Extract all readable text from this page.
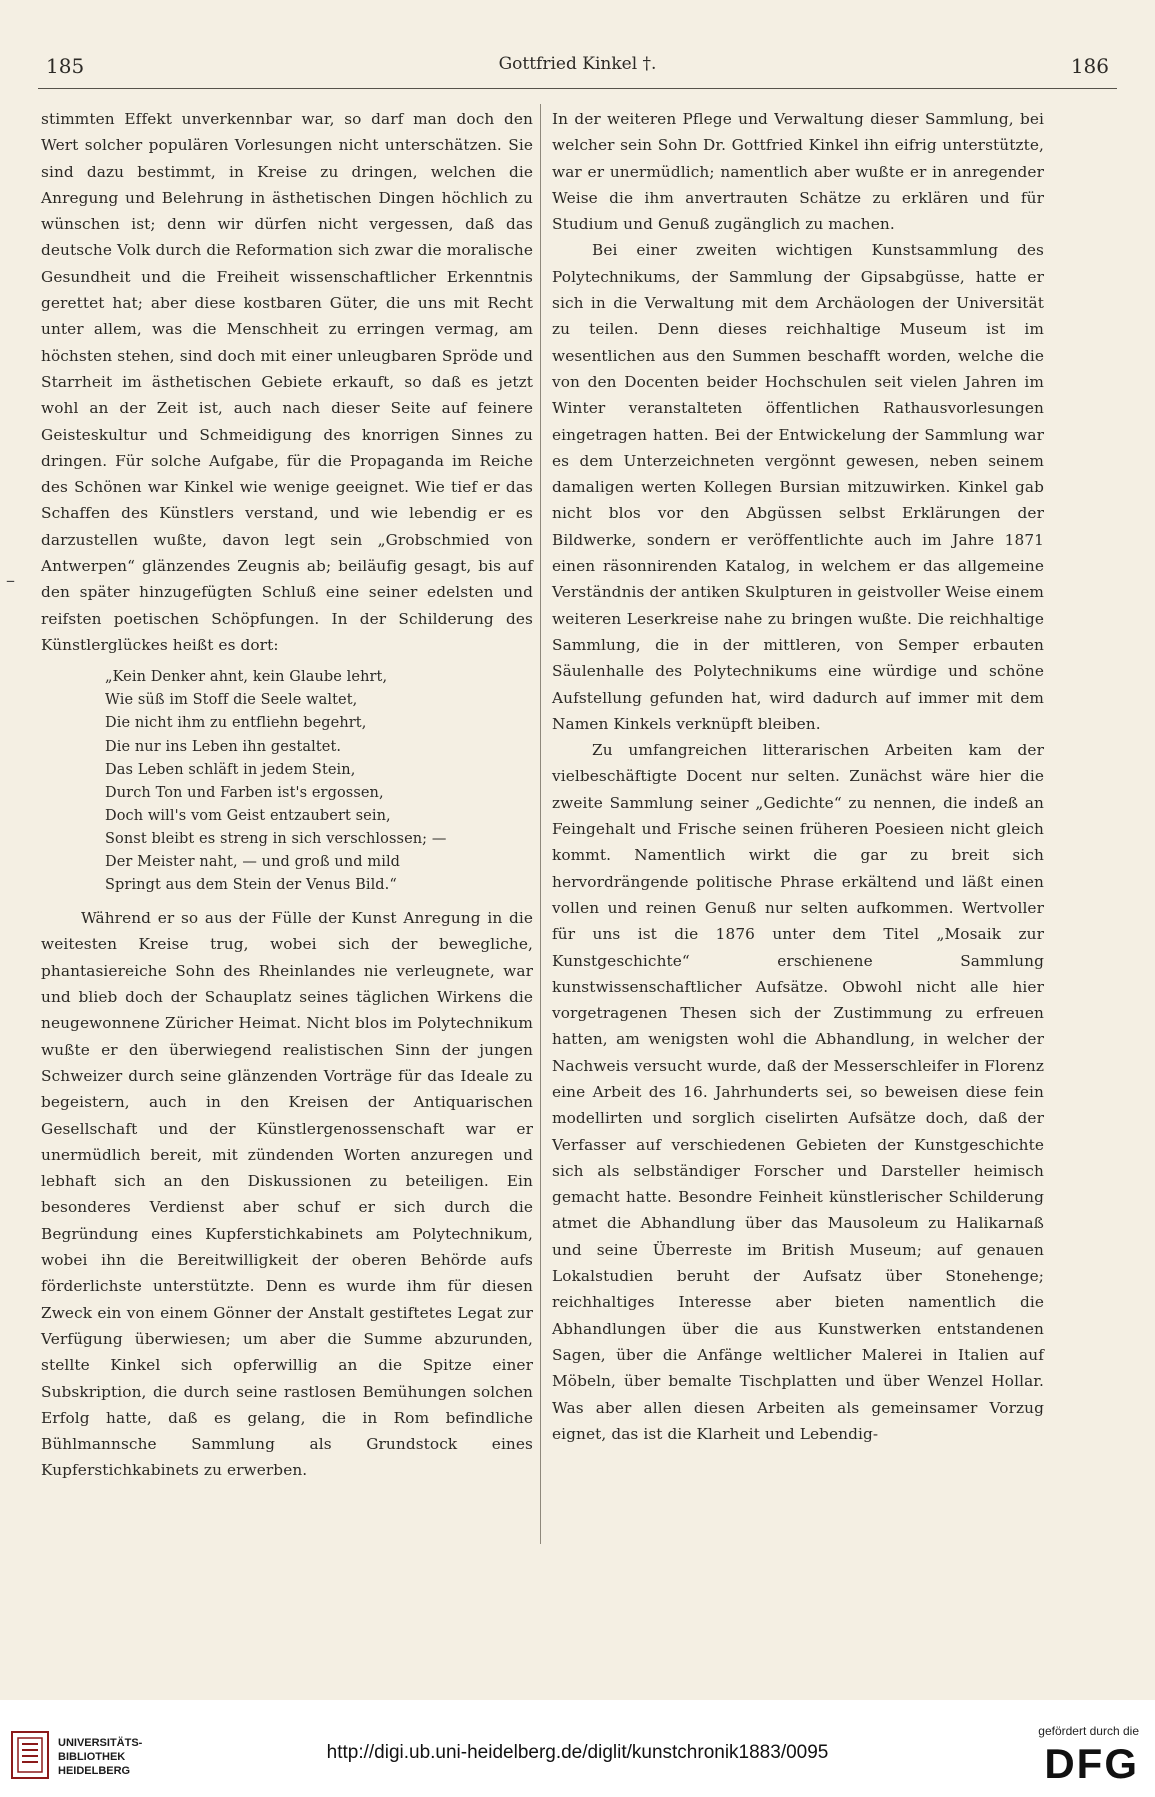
185	Gottfried Kinkel †.	186
–

stimmten Effekt unverkennbar war, so darf man doch den Wert solcher populären Vorlesungen nicht unterschätzen. Sie sind dazu bestimmt, in Kreise zu dringen, welchen die Anregung und Belehrung in ästhetischen Dingen höchlich zu wünschen ist; denn wir dürfen nicht vergessen, daß das deutsche Volk durch die Reformation sich zwar die moralische Gesundheit und die Freiheit wissenschaftlicher Erkenntnis gerettet hat; aber diese kostbaren Güter, die uns mit Recht unter allem, was die Menschheit zu erringen vermag, am höchsten stehen, sind doch mit einer unleugbaren Spröde und Starrheit im ästhetischen Gebiete erkauft, so daß es jetzt wohl an der Zeit ist, auch nach dieser Seite auf feinere Geisteskultur und Schmeidigung des knorrigen Sinnes zu dringen. Für solche Aufgabe, für die Propaganda im Reiche des Schönen war Kinkel wie wenige geeignet. Wie tief er das Schaffen des Künstlers verstand, und wie lebendig er es darzustellen wußte, davon legt sein „Grobschmied von Antwerpen“ glänzendes Zeugnis ab; beiläufig gesagt, bis auf den später hinzugefügten Schluß eine seiner edelsten und reifsten poetischen Schöpfungen. In der Schilderung des Künstlerglückes heißt es dort:

„Kein Denker ahnt, kein Glaube lehrt,
Wie süß im Stoff die Seele waltet,
Die nicht ihm zu entfliehn begehrt,
Die nur ins Leben ihn gestaltet.
Das Leben schläft in jedem Stein,
Durch Ton und Farben ist's ergossen,
Doch will's vom Geist entzaubert sein,
Sonst bleibt es streng in sich verschlossen; —
Der Meister naht, — und groß und mild
Springt aus dem Stein der Venus Bild.“

Während er so aus der Fülle der Kunst Anregung in die weitesten Kreise trug, wobei sich der bewegliche, phantasiereiche Sohn des Rheinlandes nie verleugnete, war und blieb doch der Schauplatz seines täglichen Wirkens die neugewonnene Züricher Heimat. Nicht blos im Polytechnikum wußte er den überwiegend realistischen Sinn der jungen Schweizer durch seine glänzenden Vorträge für das Ideale zu begeistern, auch in den Kreisen der Antiquarischen Gesellschaft und der Künstlergenossenschaft war er unermüdlich bereit, mit zündenden Worten anzuregen und lebhaft sich an den Diskussionen zu beteiligen. Ein besonderes Verdienst aber schuf er sich durch die Begründung eines Kupferstichkabinets am Polytechnikum, wobei ihn die Bereitwilligkeit der oberen Behörde aufs förderlichste unterstützte. Denn es wurde ihm für diesen Zweck ein von einem Gönner der Anstalt gestiftetes Legat zur Verfügung überwiesen; um aber die Summe abzurunden, stellte Kinkel sich opferwillig an die Spitze einer Subskription, die durch seine rastlosen Bemühungen solchen Erfolg hatte, daß es gelang, die in Rom befindliche Bühlmannsche Sammlung als Grundstock eines Kupferstichkabinets zu erwerben.

In der weiteren Pflege und Verwaltung dieser Sammlung, bei welcher sein Sohn Dr. Gottfried Kinkel ihn eifrig unterstützte, war er unermüdlich; namentlich aber wußte er in anregender Weise die ihm anvertrauten Schätze zu erklären und für Studium und Genuß zugänglich zu machen.

Bei einer zweiten wichtigen Kunstsammlung des Polytechnikums, der Sammlung der Gipsabgüsse, hatte er sich in die Verwaltung mit dem Archäologen der Universität zu teilen. Denn dieses reichhaltige Museum ist im wesentlichen aus den Summen beschafft worden, welche die von den Docenten beider Hochschulen seit vielen Jahren im Winter veranstalteten öffentlichen Rathausvorlesungen eingetragen hatten. Bei der Entwickelung der Sammlung war es dem Unterzeichneten vergönnt gewesen, neben seinem damaligen werten Kollegen Bursian mitzuwirken. Kinkel gab nicht blos vor den Abgüssen selbst Erklärungen der Bildwerke, sondern er veröffentlichte auch im Jahre 1871 einen räsonnirenden Katalog, in welchem er das allgemeine Verständnis der antiken Skulpturen in geistvoller Weise einem weiteren Leserkreise nahe zu bringen wußte. Die reichhaltige Sammlung, die in der mittleren, von Semper erbauten Säulenhalle des Polytechnikums eine würdige und schöne Aufstellung gefunden hat, wird dadurch auf immer mit dem Namen Kinkels verknüpft bleiben.

Zu umfangreichen litterarischen Arbeiten kam der vielbeschäftigte Docent nur selten. Zunächst wäre hier die zweite Sammlung seiner „Gedichte“ zu nennen, die indeß an Feingehalt und Frische seinen früheren Poesieen nicht gleich kommt. Namentlich wirkt die gar zu breit sich hervordrängende politische Phrase erkältend und läßt einen vollen und reinen Genuß nur selten aufkommen. Wertvoller für uns ist die 1876 unter dem Titel „Mosaik zur Kunstgeschichte“ erschienene Sammlung kunstwissenschaftlicher Aufsätze. Obwohl nicht alle hier vorgetragenen Thesen sich der Zustimmung zu erfreuen hatten, am wenigsten wohl die Abhandlung, in welcher der Nachweis versucht wurde, daß der Messerschleifer in Florenz eine Arbeit des 16. Jahrhunderts sei, so beweisen diese fein modellirten und sorglich ciselirten Aufsätze doch, daß der Verfasser auf verschiedenen Gebieten der Kunstgeschichte sich als selbständiger Forscher und Darsteller heimisch gemacht hatte. Besondre Feinheit künstlerischer Schilderung atmet die Abhandlung über das Mausoleum zu Halikarnaß und seine Überreste im British Museum; auf genauen Lokalstudien beruht der Aufsatz über Stonehenge; reichhaltiges Interesse aber bieten namentlich die Abhandlungen über die aus Kunstwerken entstandenen Sagen, über die Anfänge weltlicher Malerei in Italien auf Möbeln, über bemalte Tischplatten und über Wenzel Hollar. Was aber allen diesen Arbeiten als gemeinsamer Vorzug eignet, das ist die Klarheit und Lebendig-

UNIVERSITÄTS-
BIBLIOTHEK
HEIDELBERG
http://digi.ub.uni-heidelberg.de/diglit/kunstchronik1883/0095
gefördert durch die
DFG
